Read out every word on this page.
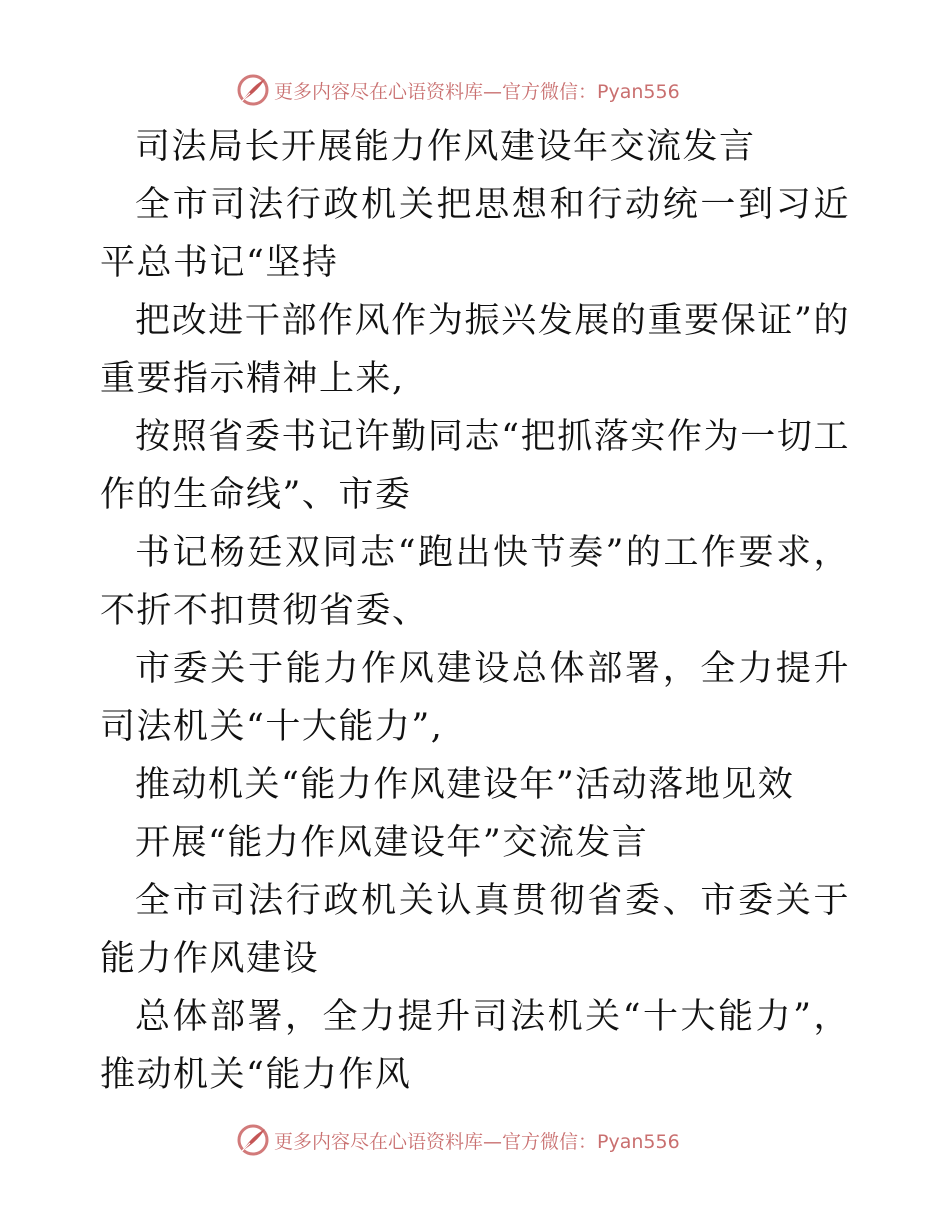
更多内容尽在心语资料库—官方微信：Pyan556

司法局长开展能力作风建设年交流发言

全市司法行政机关把思想和行动统一到习近平总书记“坚持

把改进干部作风作为振兴发展的重要保证”的重要指示精神上来,

按照省委书记许勤同志“把抓落实作为一切工作的生命线”、市委

书记杨廷双同志“跑出快节奏”的工作要求，不折不扣贯彻省委、

市委关于能力作风建设总体部署，全力提升司法机关“十大能力”,

推动机关“能力作风建设年”活动落地见效

开展“能力作风建设年”交流发言

全市司法行政机关认真贯彻省委、市委关于能力作风建设

总体部署，全力提升司法机关“十大能力”，推动机关“能力作风

更多内容尽在心语资料库—官方微信：Pyan556
